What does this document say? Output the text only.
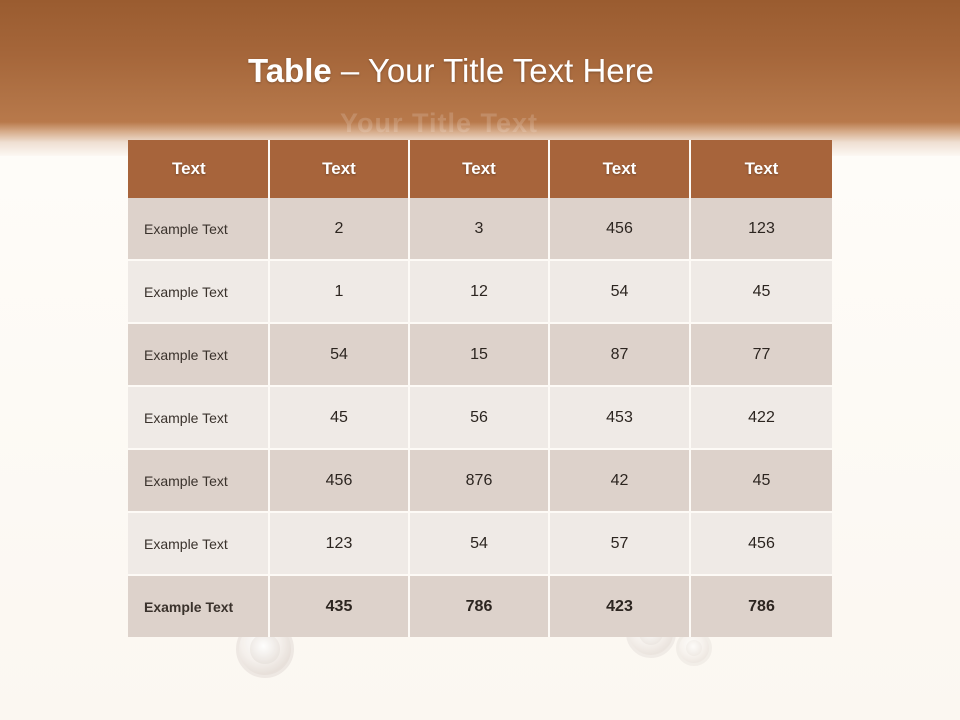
Your Title Text
Table – Your Title Text Here
Text	Text	Text	Text	Text
Example Text	2	3	456	123
Example Text	1	12	54	45
Example Text	54	15	87	77
Example Text	45	56	453	422
Example Text	456	876	42	45
Example Text	123	54	57	456
Example Text	435	786	423	786
